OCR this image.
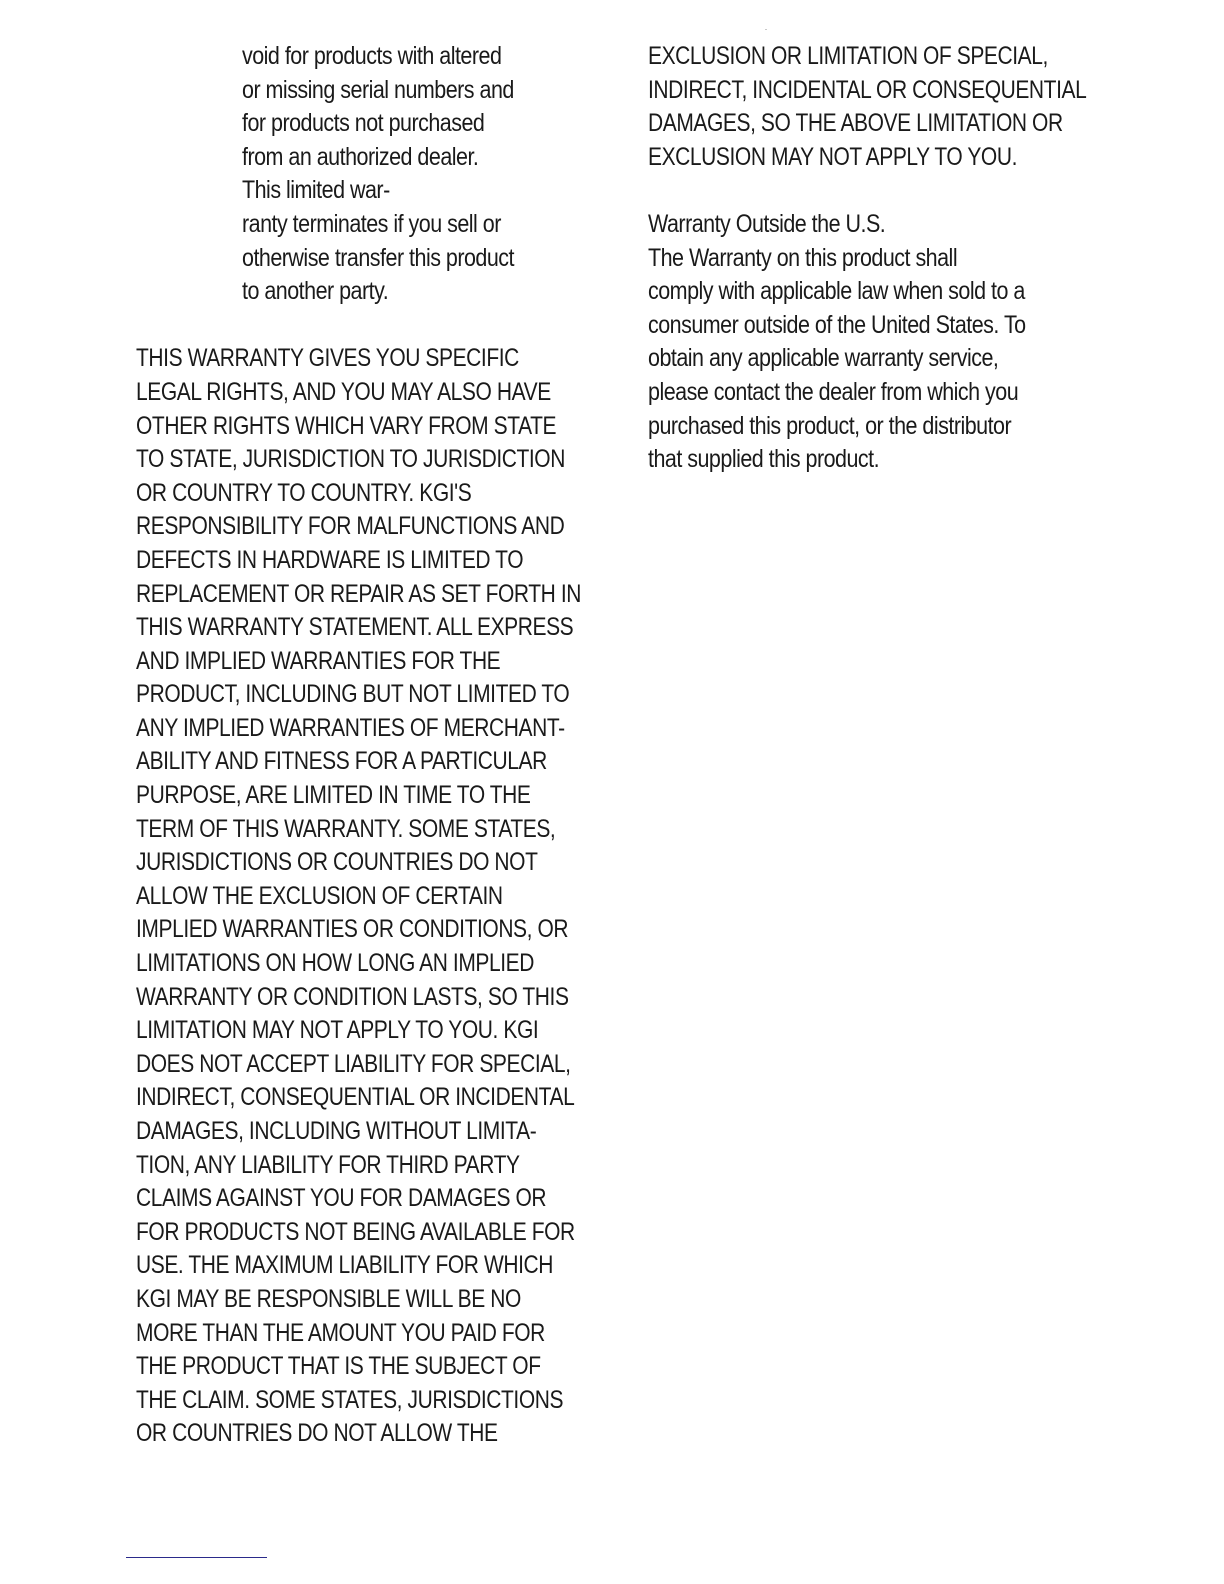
void for products with altered
or missing serial numbers and
for products not purchased
from an authorized dealer.
This limited war-
ranty terminates if you sell or
otherwise transfer this product
to another party.
THIS WARRANTY GIVES YOU SPECIFIC
LEGAL RIGHTS, AND YOU MAY ALSO HAVE
OTHER RIGHTS WHICH VARY FROM STATE
TO STATE, JURISDICTION TO JURISDICTION
OR COUNTRY TO COUNTRY. KGI'S
RESPONSIBILITY FOR MALFUNCTIONS AND
DEFECTS IN HARDWARE IS LIMITED TO
REPLACEMENT OR REPAIR AS SET FORTH IN
THIS WARRANTY STATEMENT. ALL EXPRESS
AND IMPLIED WARRANTIES FOR THE
PRODUCT, INCLUDING BUT NOT LIMITED TO
ANY IMPLIED WARRANTIES OF MERCHANT-
ABILITY AND FITNESS FOR A PARTICULAR
PURPOSE, ARE LIMITED IN TIME TO THE
TERM OF THIS WARRANTY. SOME STATES,
JURISDICTIONS OR COUNTRIES DO NOT
ALLOW THE EXCLUSION OF CERTAIN
IMPLIED WARRANTIES OR CONDITIONS, OR
LIMITATIONS ON HOW LONG AN IMPLIED
WARRANTY OR CONDITION LASTS, SO THIS
LIMITATION MAY NOT APPLY TO YOU. KGI
DOES NOT ACCEPT LIABILITY FOR SPECIAL,
INDIRECT, CONSEQUENTIAL OR INCIDENTAL
DAMAGES, INCLUDING WITHOUT LIMITA-
TION, ANY LIABILITY FOR THIRD PARTY
CLAIMS AGAINST YOU FOR DAMAGES OR
FOR PRODUCTS NOT BEING AVAILABLE FOR
USE. THE MAXIMUM LIABILITY FOR WHICH
KGI MAY BE RESPONSIBLE WILL BE NO
MORE THAN THE AMOUNT YOU PAID FOR
THE PRODUCT THAT IS THE SUBJECT OF
THE CLAIM. SOME STATES, JURISDICTIONS
OR COUNTRIES DO NOT ALLOW THE
EXCLUSION OR LIMITATION OF SPECIAL,
INDIRECT, INCIDENTAL OR CONSEQUENTIAL
DAMAGES, SO THE ABOVE LIMITATION OR
EXCLUSION MAY NOT APPLY TO YOU.
Warranty Outside the U.S.
The Warranty on this product shall
comply with applicable law when sold to a
consumer outside of the United States. To
obtain any applicable warranty service,
please contact the dealer from which you
purchased this product, or the distributor
that supplied this product.
